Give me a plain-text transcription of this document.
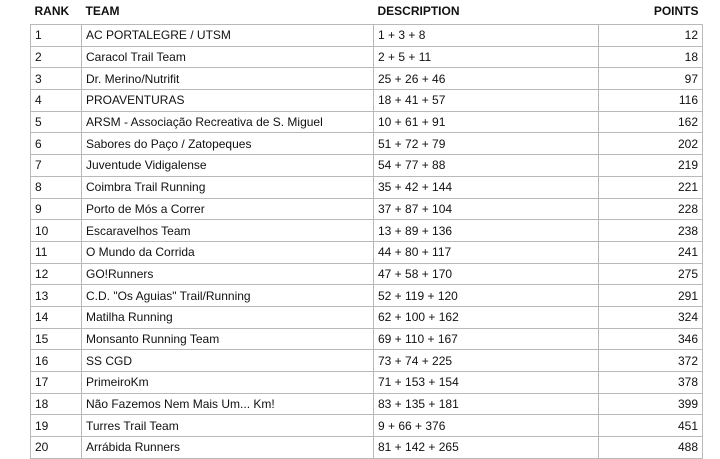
RANK	TEAM	DESCRIPTION	POINTS
1	AC PORTALEGRE / UTSM	1 + 3 + 8	12
2	Caracol Trail Team	2 + 5 + 11	18
3	Dr. Merino/Nutrifit	25 + 26 + 46	97
4	PROAVENTURAS	18 + 41 + 57	116
5	ARSM - Associação Recreativa de S. Miguel	10 + 61 + 91	162
6	Sabores do Paço / Zatopeques	51 + 72 + 79	202
7	Juventude Vidigalense	54 + 77 + 88	219
8	Coimbra Trail Running	35 + 42 + 144	221
9	Porto de Mós a Correr	37 + 87 + 104	228
10	Escaravelhos Team	13 + 89 + 136	238
11	O Mundo da Corrida	44 + 80 + 117	241
12	GO!Runners	47 + 58 + 170	275
13	C.D. "Os Aguias" Trail/Running	52 + 119 + 120	291
14	Matilha Running	62 + 100 + 162	324
15	Monsanto Running Team	69 + 110 + 167	346
16	SS CGD	73 + 74 + 225	372
17	PrimeiroKm	71 + 153 + 154	378
18	Não Fazemos Nem Mais Um... Km!	83 + 135 + 181	399
19	Turres Trail Team	9 + 66 + 376	451
20	Arrábida Runners	81 + 142 + 265	488
